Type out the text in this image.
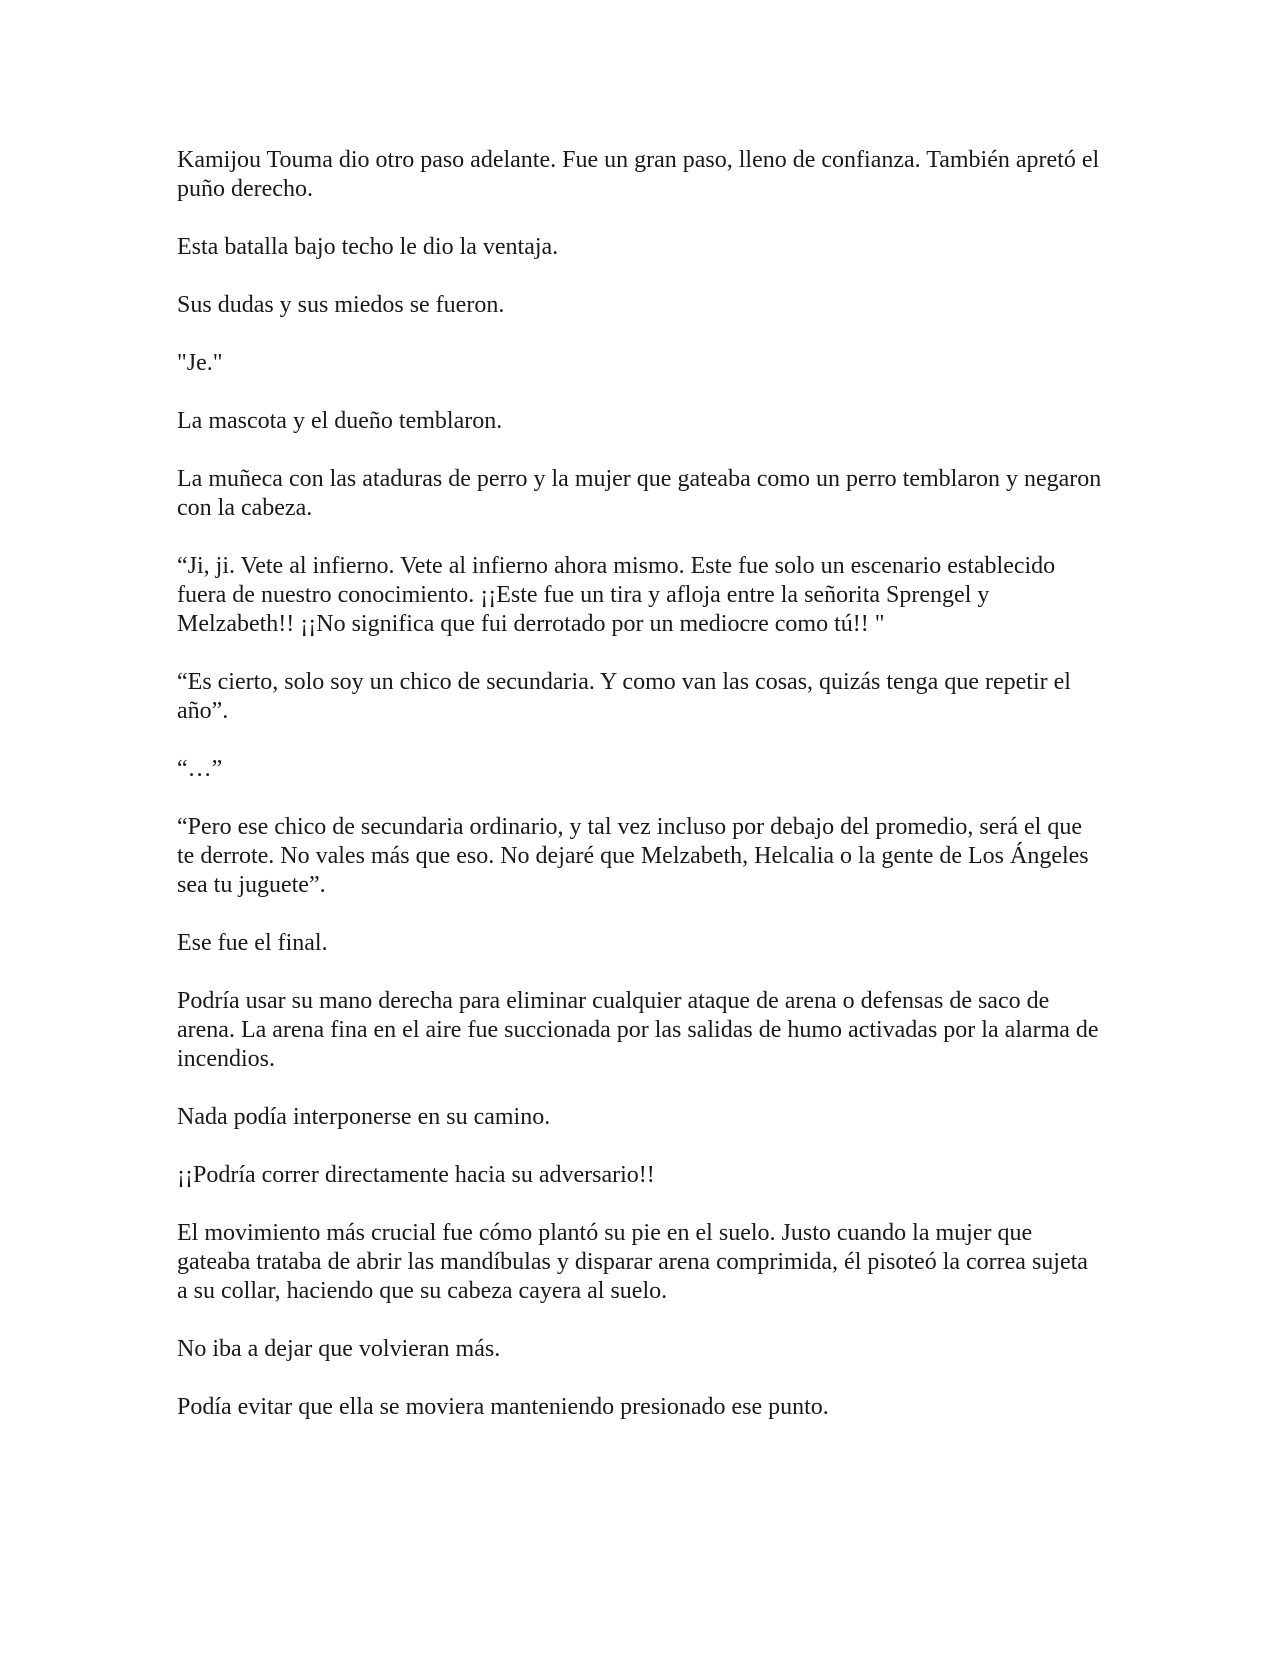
Kamijou Touma dio otro paso adelante. Fue un gran paso, lleno de confianza. También apretó el puño derecho.

Esta batalla bajo techo le dio la ventaja.

Sus dudas y sus miedos se fueron.

"Je."

La mascota y el dueño temblaron.

La muñeca con las ataduras de perro y la mujer que gateaba como un perro temblaron y negaron con la cabeza.

“Ji, ji. Vete al infierno. Vete al infierno ahora mismo. Este fue solo un escenario establecido fuera de nuestro conocimiento. ¡¡Este fue un tira y afloja entre la señorita Sprengel y Melzabeth!! ¡¡No significa que fui derrotado por un mediocre como tú!! "

“Es cierto, solo soy un chico de secundaria. Y como van las cosas, quizás tenga que repetir el año”.

“…”

“Pero ese chico de secundaria ordinario, y tal vez incluso por debajo del promedio, será el que te derrote. No vales más que eso. No dejaré que Melzabeth, Helcalia o la gente de Los Ángeles sea tu juguete”.

Ese fue el final.

Podría usar su mano derecha para eliminar cualquier ataque de arena o defensas de saco de arena. La arena fina en el aire fue succionada por las salidas de humo activadas por la alarma de incendios.

Nada podía interponerse en su camino.

¡¡Podría correr directamente hacia su adversario!!

El movimiento más crucial fue cómo plantó su pie en el suelo. Justo cuando la mujer que gateaba trataba de abrir las mandíbulas y disparar arena comprimida, él pisoteó la correa sujeta a su collar, haciendo que su cabeza cayera al suelo.

No iba a dejar que volvieran más.

Podía evitar que ella se moviera manteniendo presionado ese punto.
